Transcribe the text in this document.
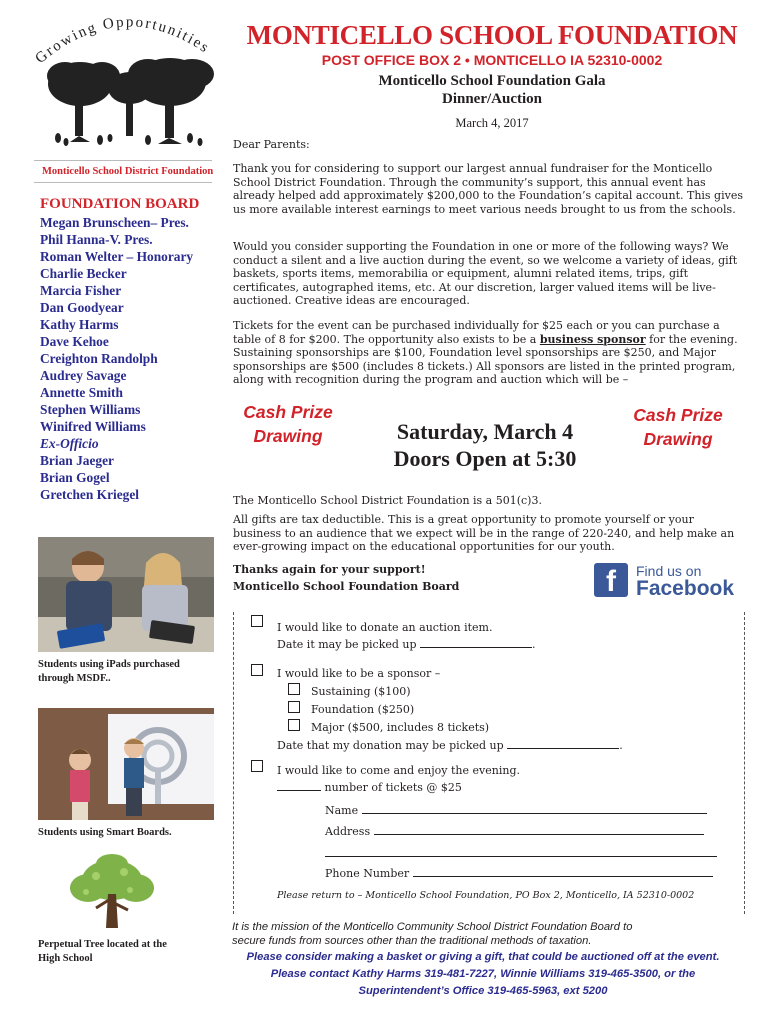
Growing Opportunities
Monticello School District Foundation
MONTICELLO SCHOOL FOUNDATION
POST OFFICE BOX 2 • MONTICELLO IA 52310-0002
Monticello School Foundation Gala
Dinner/Auction
March 4, 2017
FOUNDATION BOARD
Megan Brunscheen– Pres.
Phil Hanna-V. Pres.
Roman Welter – Honorary
Charlie Becker
Marcia Fisher
Dan Goodyear
Kathy Harms
Dave Kehoe
Creighton Randolph
Audrey Savage
Annette Smith
Stephen Williams
Winifred Williams
Ex-Officio
Brian Jaeger
Brian Gogel
Gretchen Kriegel
Students using iPads purchased
through MSDF..
Students using Smart Boards.
Perpetual Tree located at the
High School
Dear Parents:

Thank you for considering to support our largest annual fundraiser for the Monticello School District Foundation. Through the community’s support, this annual event has already helped add approximately $200,000 to the Foundation’s capital account. This gives us more available interest earnings to meet various needs brought to us from the schools.

Would you consider supporting the Foundation in one or more of the following ways? We conduct a silent and a live auction during the event, so we welcome a variety of ideas, gift baskets, sports items, memorabilia or equipment, alumni related items, trips, gift certificates, autographed items, etc. At our discretion, larger valued items will be live-auctioned. Creative ideas are encouraged.

Tickets for the event can be purchased individually for $25 each or you can purchase a table of 8 for $200. The opportunity also exists to be a business sponsor for the evening. Sustaining sponsorships are $100, Foundation level sponsorships are $250, and Major sponsorships are $500 (includes 8 tickets.) All sponsors are listed in the printed program, along with recognition during the program and auction which will be –

Cash Prize Drawing	Saturday, March 4
Doors Open at 5:30
Cash Prize Drawing

The Monticello School District Foundation is a 501(c)3.

All gifts are tax deductible. This is a great opportunity to promote yourself or your business to an audience that we expect will be in the range of 220-240, and help make an ever-growing impact on the educational opportunities for our youth.

Thanks again for your support!
Monticello School Foundation Board	f	Find us on
Facebook
I would like to donate an auction item.
Date it may be picked up	.
I would like to be a sponsor –
Sustaining ($100)
Foundation ($250)
Major ($500, includes 8 tickets)
Date that my donation may be picked up	.
I would like to come and enjoy the evening.
number of tickets @ $25
Name
Address
Phone Number
Please return to – Monticello School Foundation, PO Box 2, Monticello, IA 52310-0002
It is the mission of the Monticello Community School District Foundation Board to
secure funds from sources other than the traditional methods of taxation.
Please consider making a basket or giving a gift, that could be auctioned off at the event.
Please contact Kathy Harms 319-481-7227, Winnie Williams 319-465-3500, or the
Superintendent’s Office 319-465-5963, ext 5200
